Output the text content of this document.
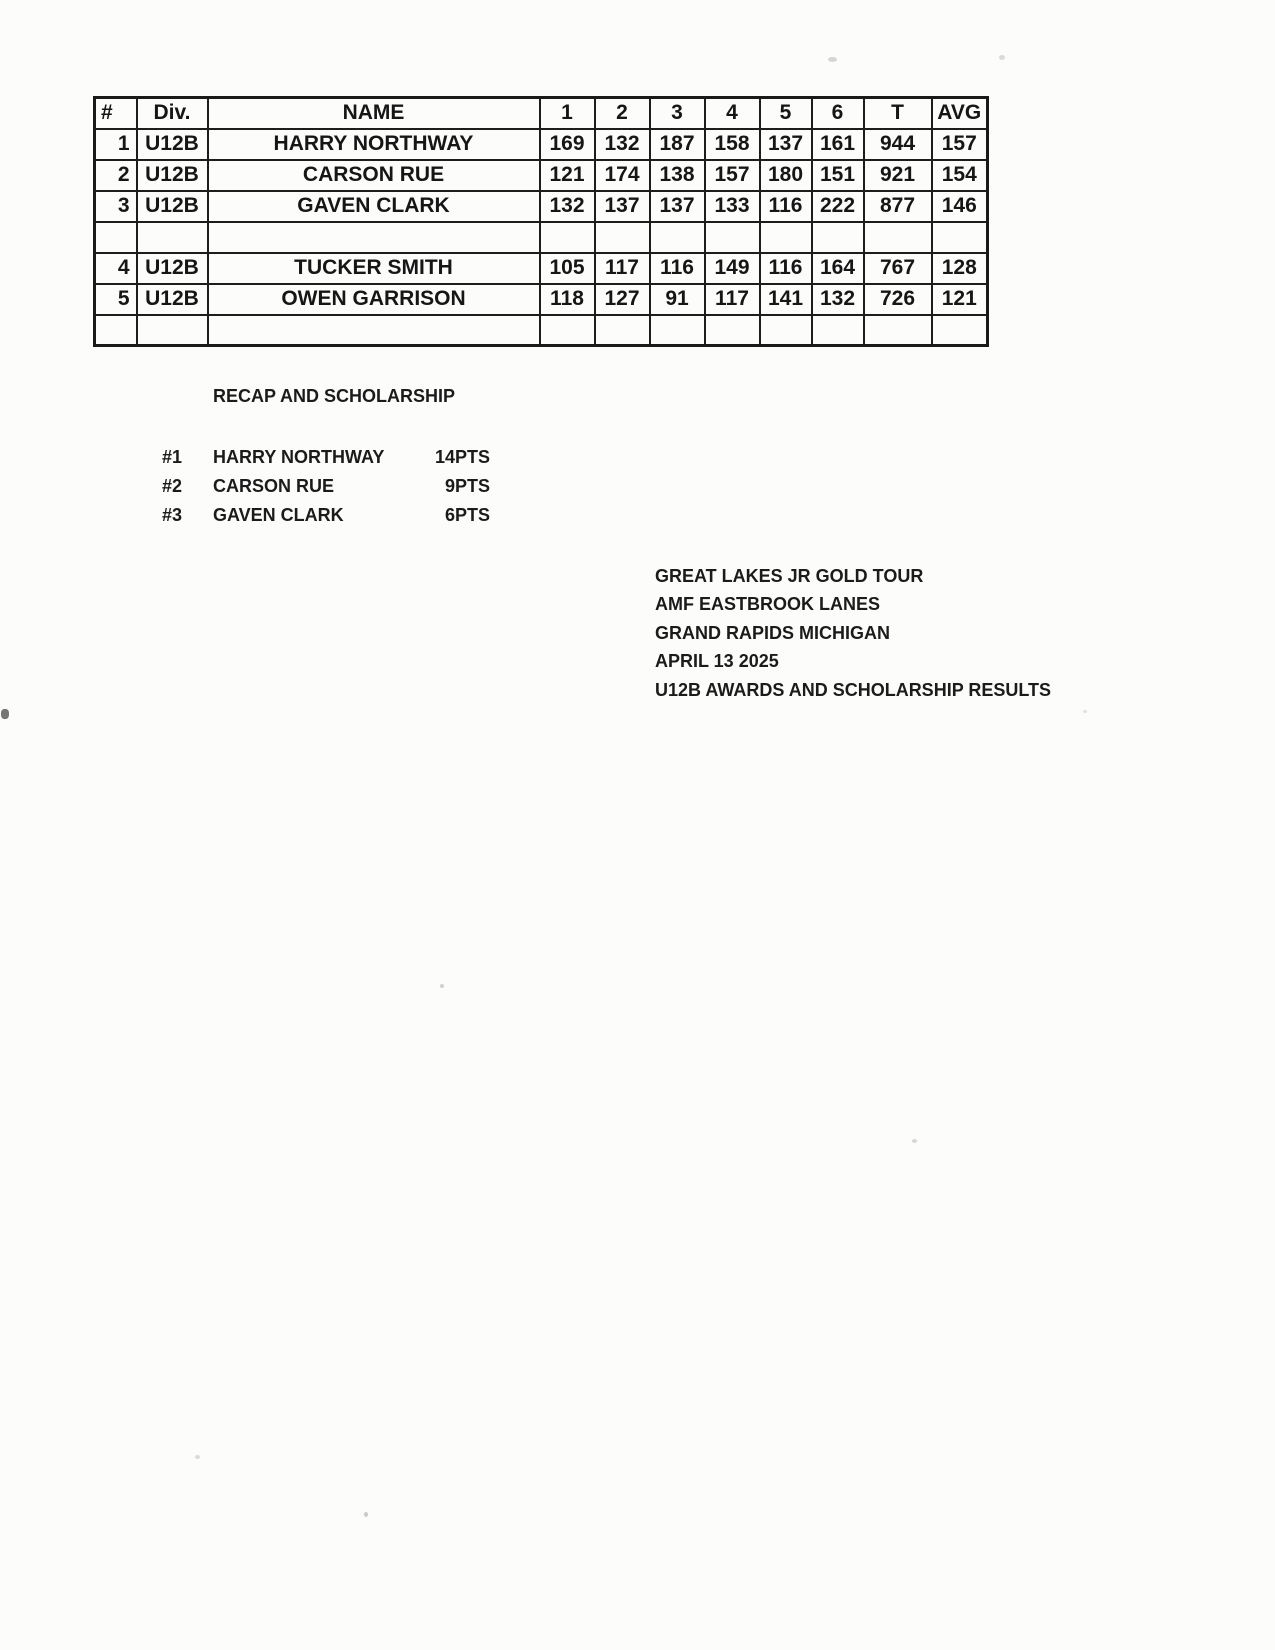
#	Div.	NAME	1	2	3	4	5	6	T	AVG
1	U12B	HARRY NORTHWAY	169	132	187	158	137	161	944	157
2	U12B	CARSON RUE	121	174	138	157	180	151	921	154
3	U12B	GAVEN CLARK	132	137	137	133	116	222	877	146

4	U12B	TUCKER SMITH	105	117	116	149	116	164	767	128
5	U12B	OWEN GARRISON	118	127	91	117	141	132	726	121

RECAP AND SCHOLARSHIP
#1	HARRY NORTHWAY	14PTS
#2	CARSON RUE	9PTS
#3	GAVEN CLARK	6PTS
GREAT LAKES JR GOLD TOUR
AMF EASTBROOK LANES
GRAND RAPIDS MICHIGAN
APRIL 13 2025
U12B AWARDS AND SCHOLARSHIP RESULTS
